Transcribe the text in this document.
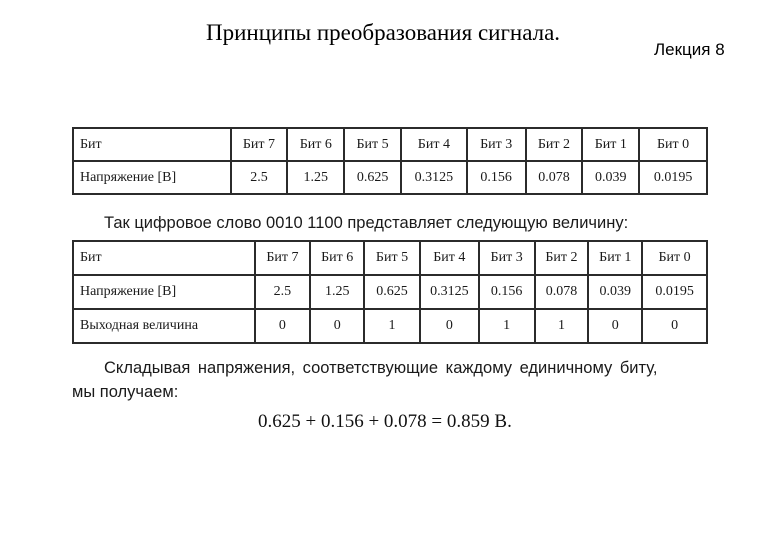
Принципы преобразования сигнала.
Лекция 8
Бит	Бит 7	Бит 6	Бит 5	Бит 4	Бит 3	Бит 2	Бит 1	Бит 0
Напряжение [В]	2.5	1.25	0.625	0.3125	0.156	0.078	0.039	0.0195
Так цифровое слово 0010 1100 представляет следующую величину:
Бит	Бит 7	Бит 6	Бит 5	Бит 4	Бит 3	Бит 2	Бит 1	Бит 0
Напряжение [В]	2.5	1.25	0.625	0.3125	0.156	0.078	0.039	0.0195
Выходная величина	0	0	1	0	1	1	0	0
Складывая напряжения, соответствующие каждому единичному биту,
мы получаем:
0.625 + 0.156 + 0.078 = 0.859 В.
